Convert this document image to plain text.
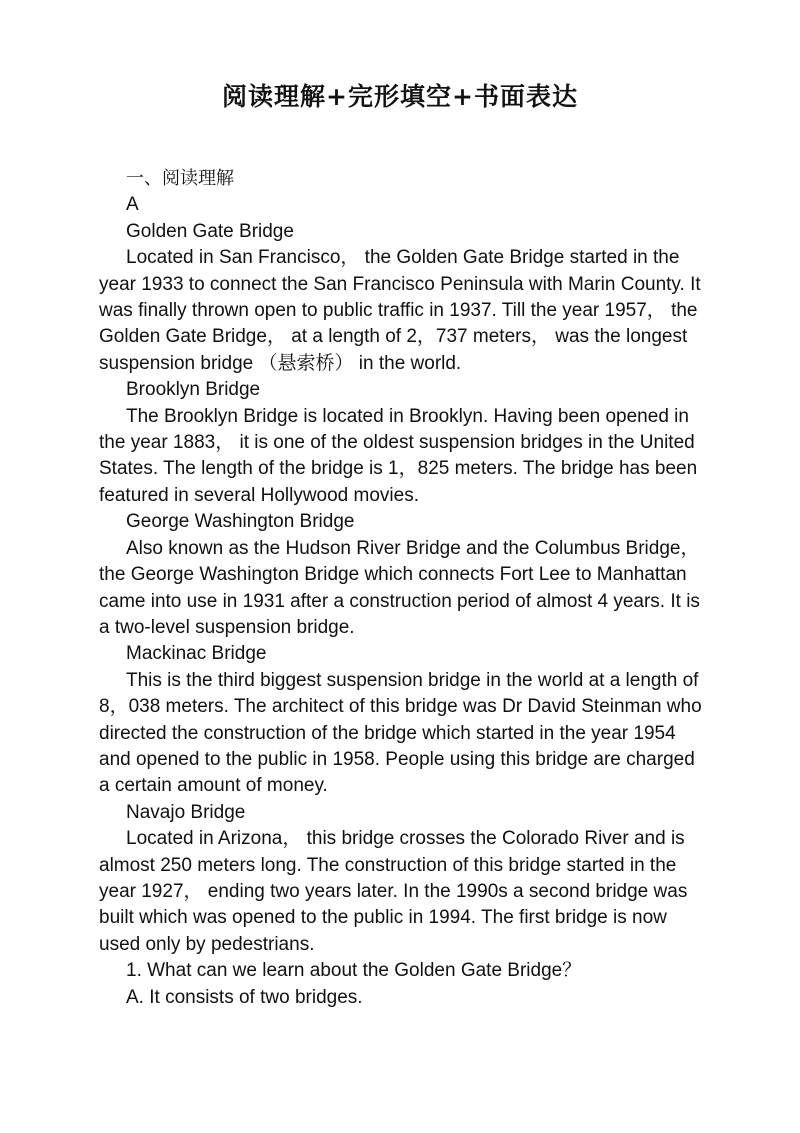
阅读理解+完形填空+书面表达

一、阅读理解

A

Golden Gate Bridge

Located in San Francisco， the Golden Gate Bridge started in the year 1933 to connect the San Francisco Peninsula with Marin County. It was finally thrown open to public traffic in 1937. Till the year 1957， the Golden Gate Bridge， at a length of 2，737 meters， was the longest suspension bridge （悬索桥） in the world.

Brooklyn Bridge

The Brooklyn Bridge is located in Brooklyn. Having been opened in the year 1883， it is one of the oldest suspension bridges in the United States. The length of the bridge is 1，825 meters. The bridge has been featured in several Hollywood movies.

George Washington Bridge

Also known as the Hudson River Bridge and the Columbus Bridge， the George Washington Bridge which connects Fort Lee to Manhattan came into use in 1931 after a construction period of almost 4 years. It is a two-level suspension bridge.

Mackinac Bridge

This is the third biggest suspension bridge in the world at a length of 8，038 meters. The architect of this bridge was Dr David Steinman who directed the construction of the bridge which started in the year 1954 and opened to the public in 1958. People using this bridge are charged a certain amount of money.

Navajo Bridge

Located in Arizona， this bridge crosses the Colorado River and is almost 250 meters long. The construction of this bridge started in the year 1927， ending two years later. In the 1990s a second bridge was built which was opened to the public in 1994. The first bridge is now used only by pedestrians.

1. What can we learn about the Golden Gate Bridge？

A. It consists of two bridges.
